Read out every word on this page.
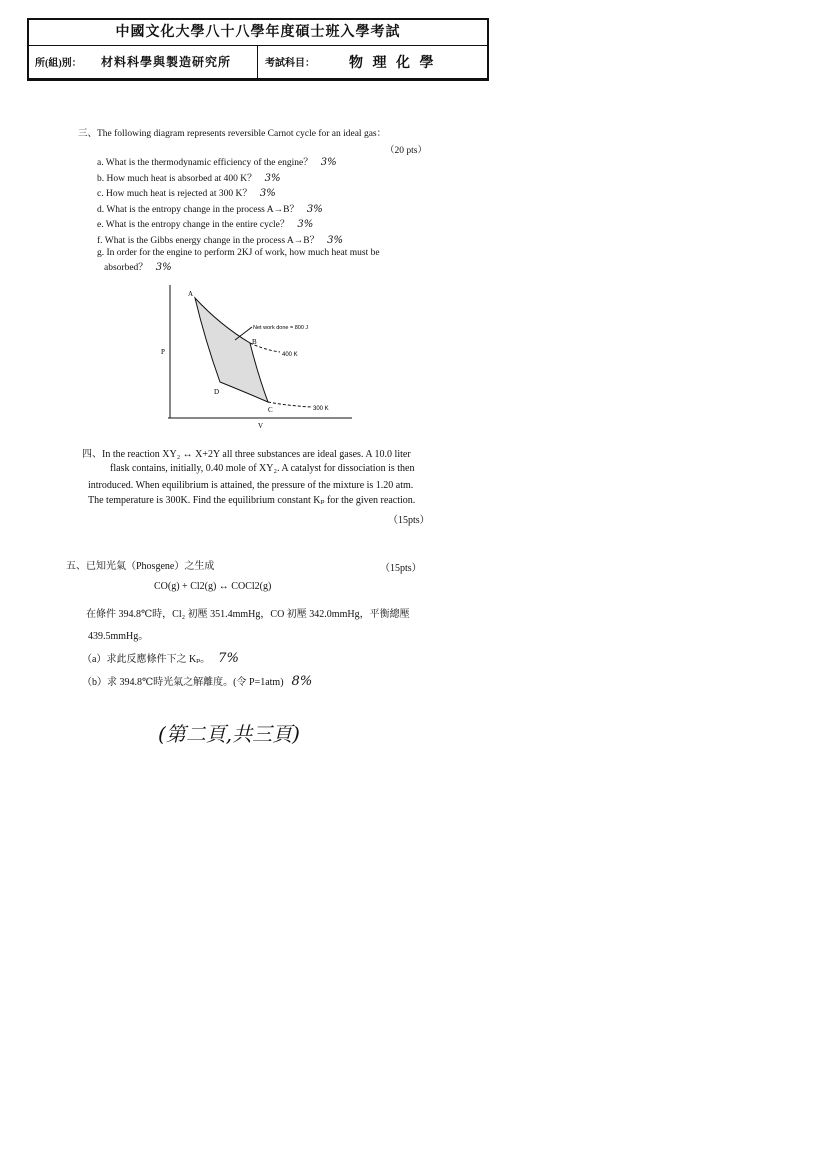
中國文化大學八十八學年度碩士班入學考試
所(組)別： 材料科學與製造研究所	考試科目： 物 理 化 學
三、The following diagram represents reversible Carnot cycle for an ideal gas：
（20 pts）
a. What is the thermodynamic efficiency of the engine？ 3%
b. How much heat is absorbed at 400 K？ 3%
c. How much heat is rejected at 300 K？ 3%
d. What is the entropy change in the process A→B？ 3%
e. What is the entropy change in the entire cycle？ 3%
f. What is the Gibbs energy change in the process A→B？ 3%
g. In order for the engine to perform 2KJ of work, how much heat must be
absorbed？ 3%
A
B
C
D
P
V
Net work done = 800 J
400 K
300 K
四、In the reaction XY₂ ↔ X+2Y all three substances are ideal gases. A 10.0 liter
flask contains, initially, 0.40 mole of XY₂. A catalyst for dissociation is then
introduced. When equilibrium is attained, the pressure of the mixture is 1.20 atm.
The temperature is 300K. Find the equilibrium constant Kₚ for the given reaction.
（15pts）
五、已知光氣（Phosgene）之生成	（15pts）
CO(g) + Cl2(g) ↔ COCl2(g)
在條件 394.8℃時，Cl₂ 初壓 351.4mmHg，CO 初壓 342.0mmHg，平衡總壓
439.5mmHg。
（a）求此反應條件下之 Kₚ。 7%
（b）求 394.8℃時光氣之解離度。(令 P=1atm) 8%
(第二頁,共三頁)
